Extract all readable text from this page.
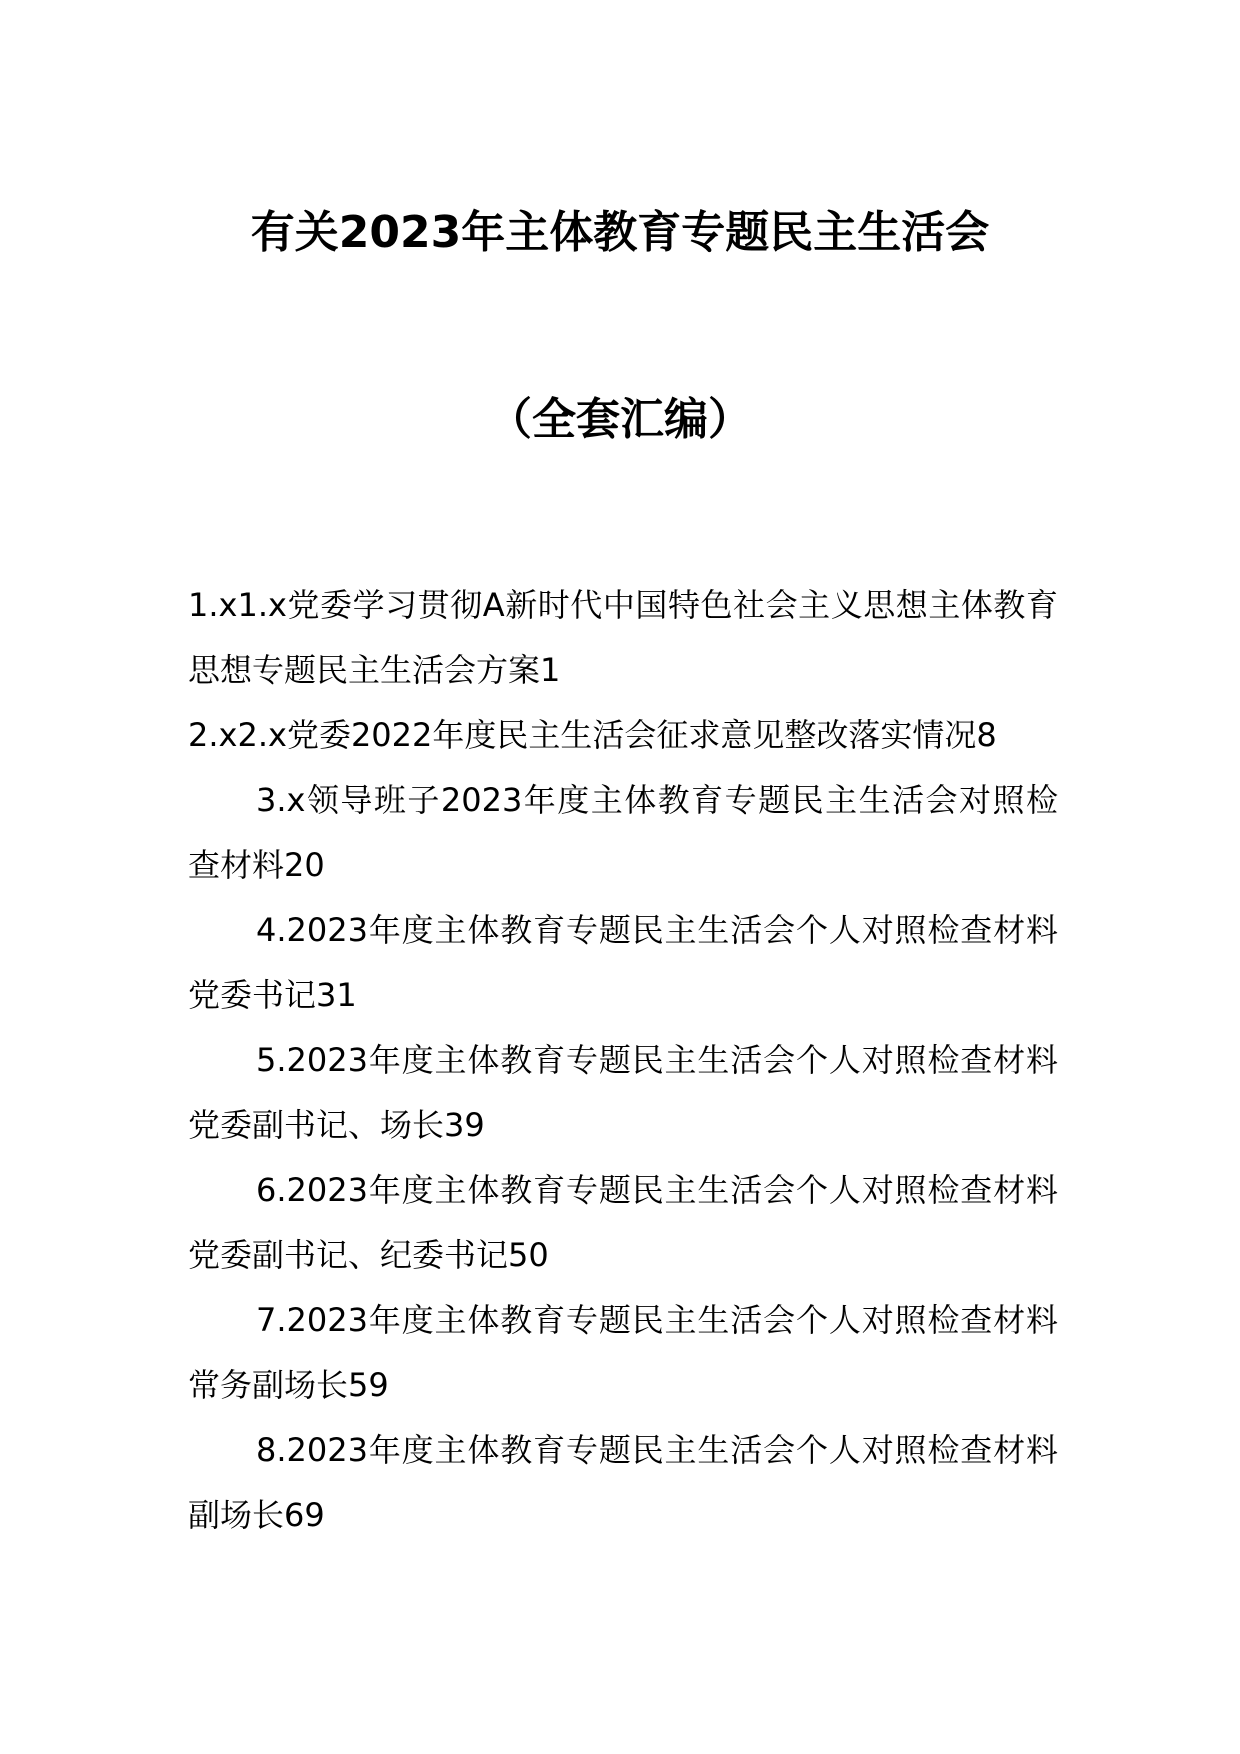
有关2023年主体教育专题民主生活会
（全套汇编）

1.x1.x党委学习贯彻A新时代中国特色社会主义思想主体教育思想专题民主生活会方案1

2.x2.x党委2022年度民主生活会征求意见整改落实情况8

3.x领导班子2023年度主体教育专题民主生活会对照检查材料20

4.2023年度主体教育专题民主生活会个人对照检查材料党委书记31

5.2023年度主体教育专题民主生活会个人对照检查材料党委副书记、场长39

6.2023年度主体教育专题民主生活会个人对照检查材料党委副书记、纪委书记50

7.2023年度主体教育专题民主生活会个人对照检查材料常务副场长59

8.2023年度主体教育专题民主生活会个人对照检查材料副场长69
